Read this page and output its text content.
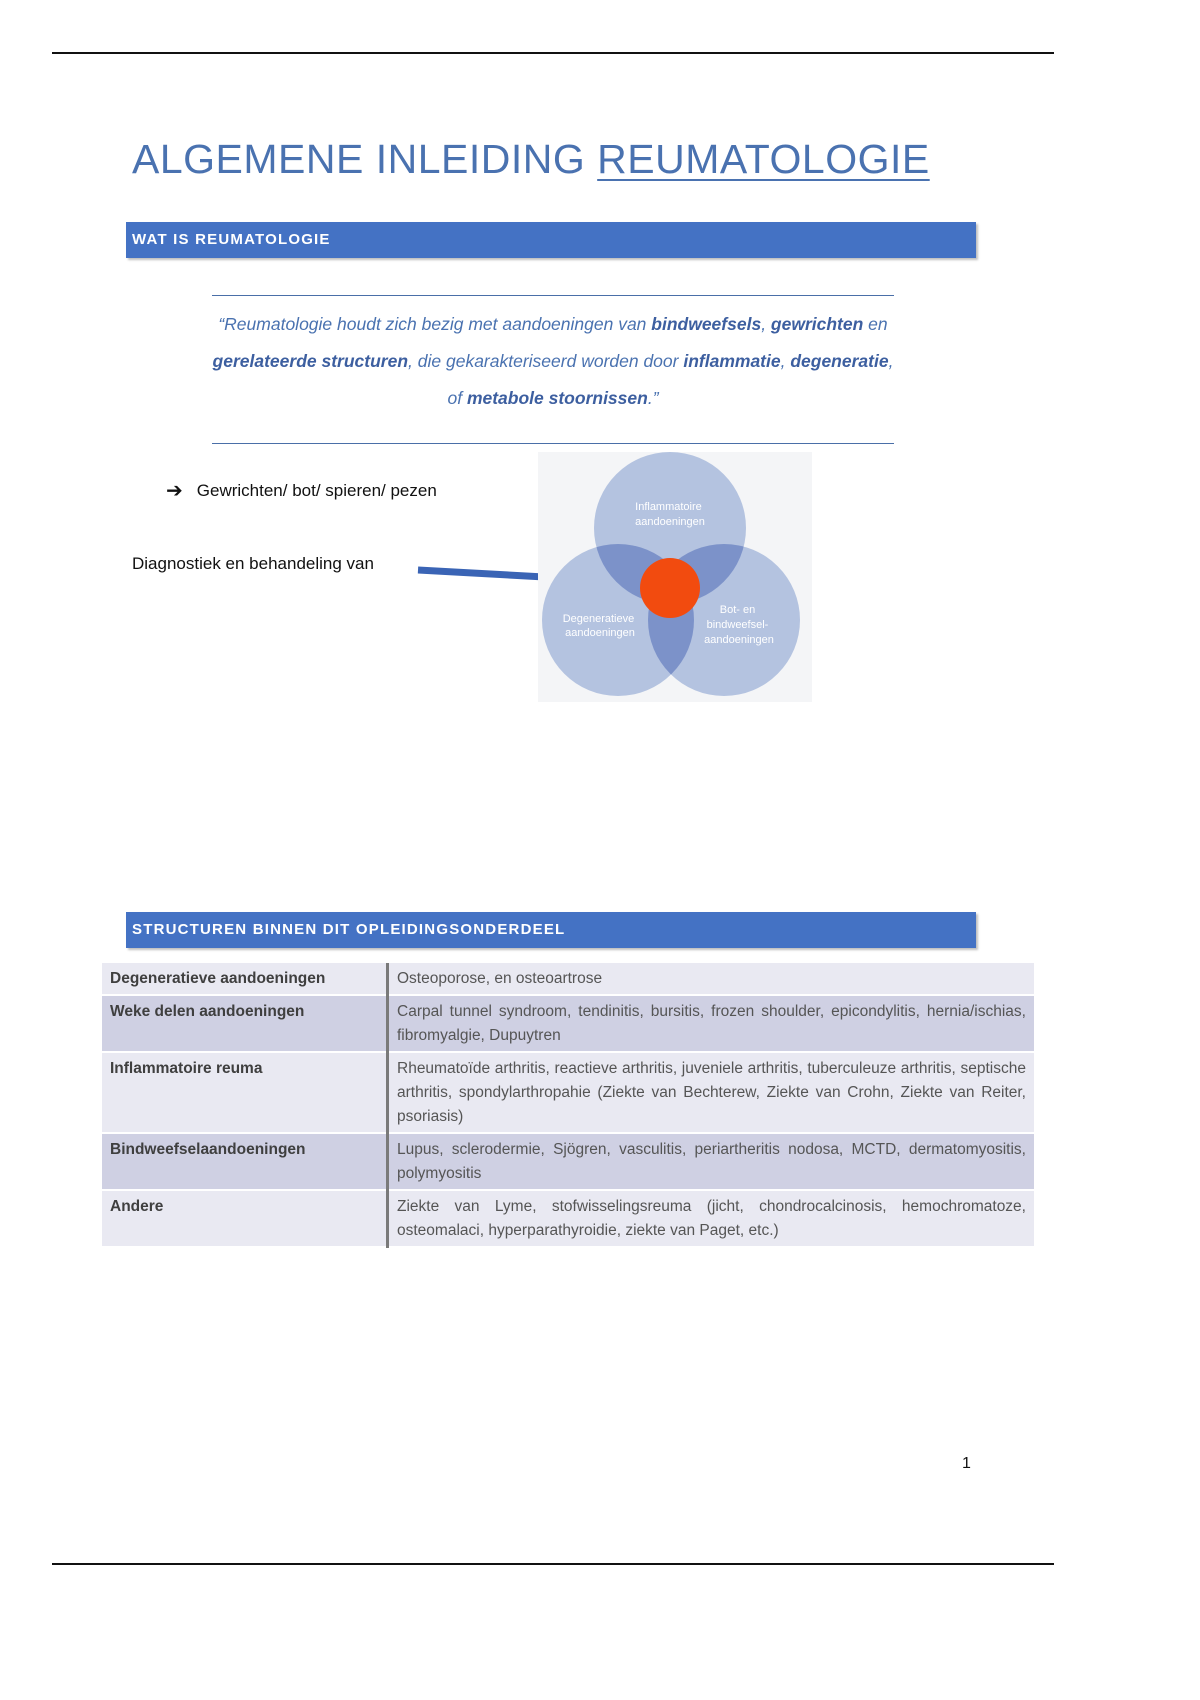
ALGEMENE INLEIDING REUMATOLOGIE
WAT IS REUMATOLOGIE
“Reumatologie houdt zich bezig met aandoeningen van bindweefsels, gewrichten en gerelateerde structuren, die gekarakteriseerd worden door inflammatie, degeneratie, of metabole stoornissen.”
➔ Gewrichten/ bot/ spieren/ pezen
Diagnostiek en behandeling van
Inflammatoire aandoeningen
Degeneratieve aandoeningen
Bot- en bindweefsel- aandoeningen
STRUCTUREN BINNEN DIT OPLEIDINGSONDERDEEL
Degeneratieve aandoeningen	Osteoporose, en osteoartrose
Weke delen aandoeningen	Carpal tunnel syndroom, tendinitis, bursitis, frozen shoulder, epicondylitis, hernia/ischias, fibromyalgie, Dupuytren
Inflammatoire reuma	Rheumatoïde arthritis, reactieve arthritis, juveniele arthritis, tuberculeuze arthritis, septische arthritis, spondylarthropahie (Ziekte van Bechterew, Ziekte van Crohn, Ziekte van Reiter, psoriasis)
Bindweefselaandoeningen	Lupus, sclerodermie, Sjögren, vasculitis, periartheritis nodosa, MCTD, dermatomyositis, polymyositis
Andere	Ziekte van Lyme, stofwisselingsreuma (jicht, chondrocalcinosis, hemochromatoze, osteomalaci, hyperparathyroidie, ziekte van Paget, etc.)
1
